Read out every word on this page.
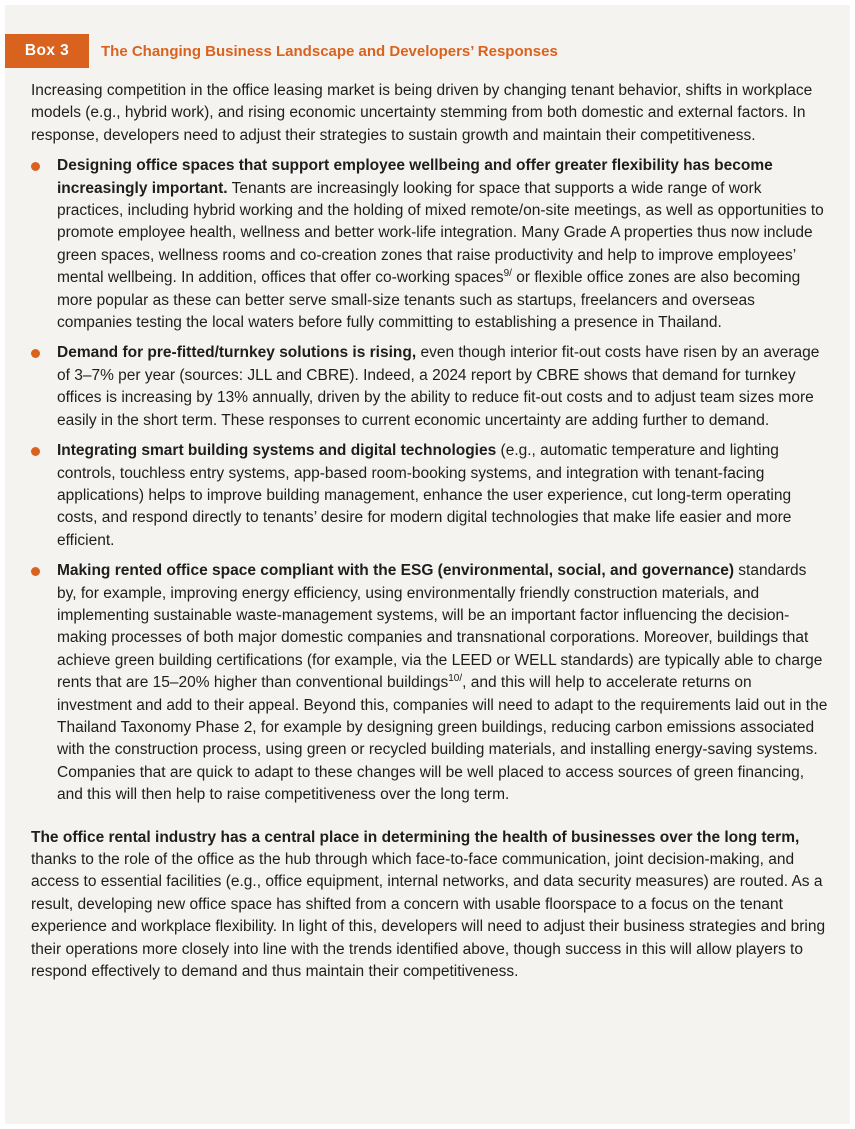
Box 3	The Changing Business Landscape and Developers’ Responses

Increasing competition in the office leasing market is being driven by changing tenant behavior, shifts in workplace models (e.g., hybrid work), and rising economic uncertainty stemming from both domestic and external factors. In response, developers need to adjust their strategies to sustain growth and maintain their competitiveness.

Designing office spaces that support employee wellbeing and offer greater flexibility has become increasingly important. Tenants are increasingly looking for space that supports a wide range of work practices, including hybrid working and the holding of mixed remote/on-site meetings, as well as opportunities to promote employee health, wellness and better work-life integration. Many Grade A properties thus now include green spaces, wellness rooms and co-creation zones that raise productivity and help to improve employees’ mental wellbeing. In addition, offices that offer co-working spaces$^{9/}$ or flexible office zones are also becoming more popular as these can better serve small-size tenants such as startups, freelancers and overseas companies testing the local waters before fully committing to establishing a presence in Thailand.
Demand for pre-fitted/turnkey solutions is rising, even though interior fit-out costs have risen by an average of 3–7% per year (sources: JLL and CBRE). Indeed, a 2024 report by CBRE shows that demand for turnkey offices is increasing by 13% annually, driven by the ability to reduce fit-out costs and to adjust team sizes more easily in the short term. These responses to current economic uncertainty are adding further to demand.
Integrating smart building systems and digital technologies (e.g., automatic temperature and lighting controls, touchless entry systems, app-based room-booking systems, and integration with tenant-facing applications) helps to improve building management, enhance the user experience, cut long-term operating costs, and respond directly to tenants’ desire for modern digital technologies that make life easier and more efficient.
Making rented office space compliant with the ESG (environmental, social, and governance) standards by, for example, improving energy efficiency, using environmentally friendly construction materials, and implementing sustainable waste-management systems, will be an important factor influencing the decision-making processes of both major domestic companies and transnational corporations. Moreover, buildings that achieve green building certifications (for example, via the LEED or WELL standards) are typically able to charge rents that are 15–20% higher than conventional buildings$^{10/}$, and this will help to accelerate returns on investment and add to their appeal. Beyond this, companies will need to adapt to the requirements laid out in the Thailand Taxonomy Phase 2, for example by designing green buildings, reducing carbon emissions associated with the construction process, using green or recycled building materials, and installing energy-saving systems. Companies that are quick to adapt to these changes will be well placed to access sources of green financing, and this will then help to raise competitiveness over the long term.

The office rental industry has a central place in determining the health of businesses over the long term, thanks to the role of the office as the hub through which face-to-face communication, joint decision-making, and access to essential facilities (e.g., office equipment, internal networks, and data security measures) are routed. As a result, developing new office space has shifted from a concern with usable floorspace to a focus on the tenant experience and workplace flexibility. In light of this, developers will need to adjust their business strategies and bring their operations more closely into line with the trends identified above, though success in this will allow players to respond effectively to demand and thus maintain their competitiveness.
